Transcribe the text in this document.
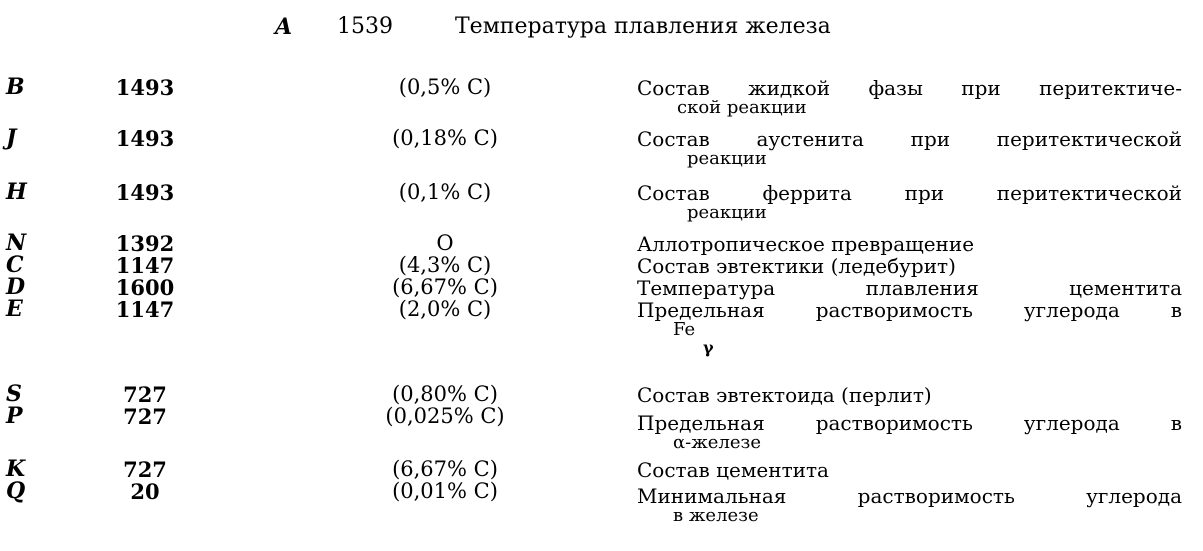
A 1539	Температура плавления железа
B	1493	(0,5% С)	Состав жидкой фазы при перитектиче-
ской реакции
J	1493	(0,18% С)	Состав аустенита при перитектической
реакции
H	1493	(0,1% С)	Состав феррита при перитектической
реакции
N	1392	О	Аллотропическое превращение
C	1147	(4,3% С)	Состав эвтектики (ледебурит)
D	1600	(6,67% С)	Температура плавления цементита
E	1147	(2,0% С)	Предельная растворимость углерода в
Fe
γ
S	727	(0,80% С)	Состав эвтектоида (перлит)
P	727	(0,025% С)	Предельная растворимость углерода в
α-железе
K	727	(6,67% С)	Состав цементита
Q	20	(0,01% С)	Минимальная растворимость углерода
в железе
